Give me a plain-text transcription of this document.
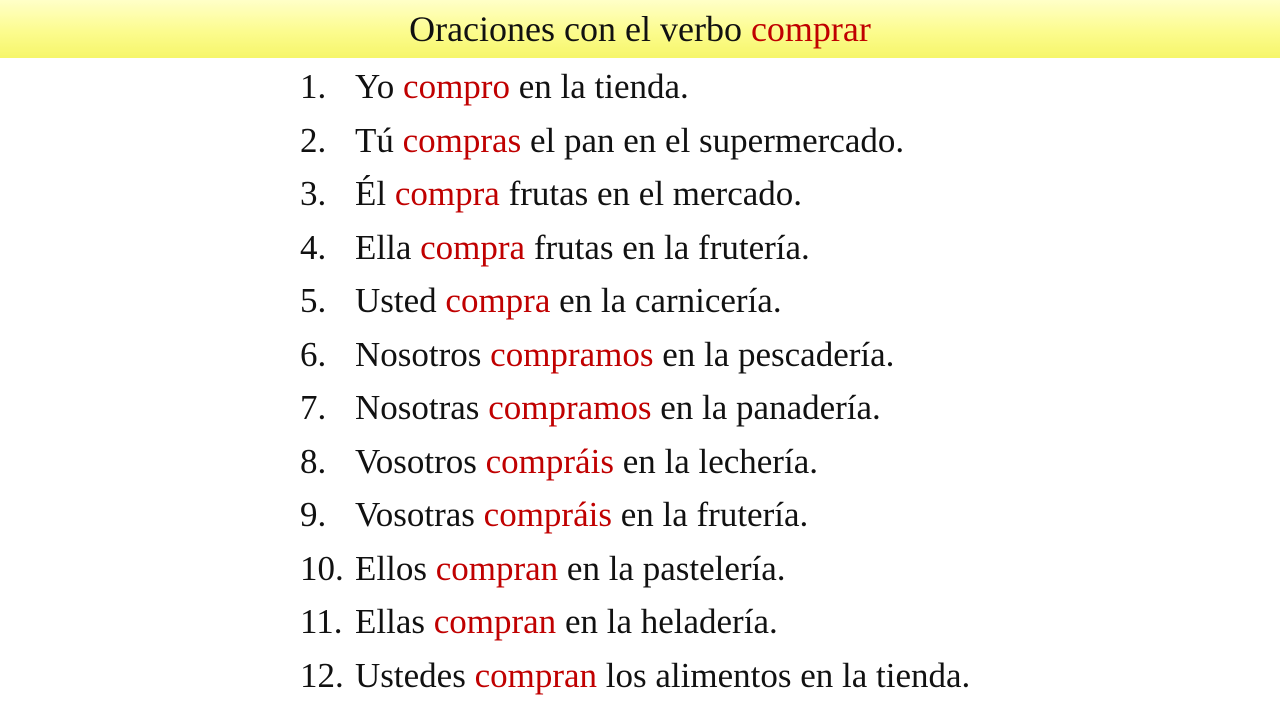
Oraciones con el verbo comprar
1. Yo compro en la tienda.
2. Tú compras el pan en el supermercado.
3. Él compra frutas en el mercado.
4. Ella compra frutas en la frutería.
5. Usted compra en la carnicería.
6. Nosotros compramos en la pescadería.
7. Nosotras compramos en la panadería.
8. Vosotros compráis en la lechería.
9. Vosotras compráis en la frutería.
10. Ellos compran en la pastelería.
11. Ellas compran en la heladería.
12. Ustedes compran los alimentos en la tienda.
